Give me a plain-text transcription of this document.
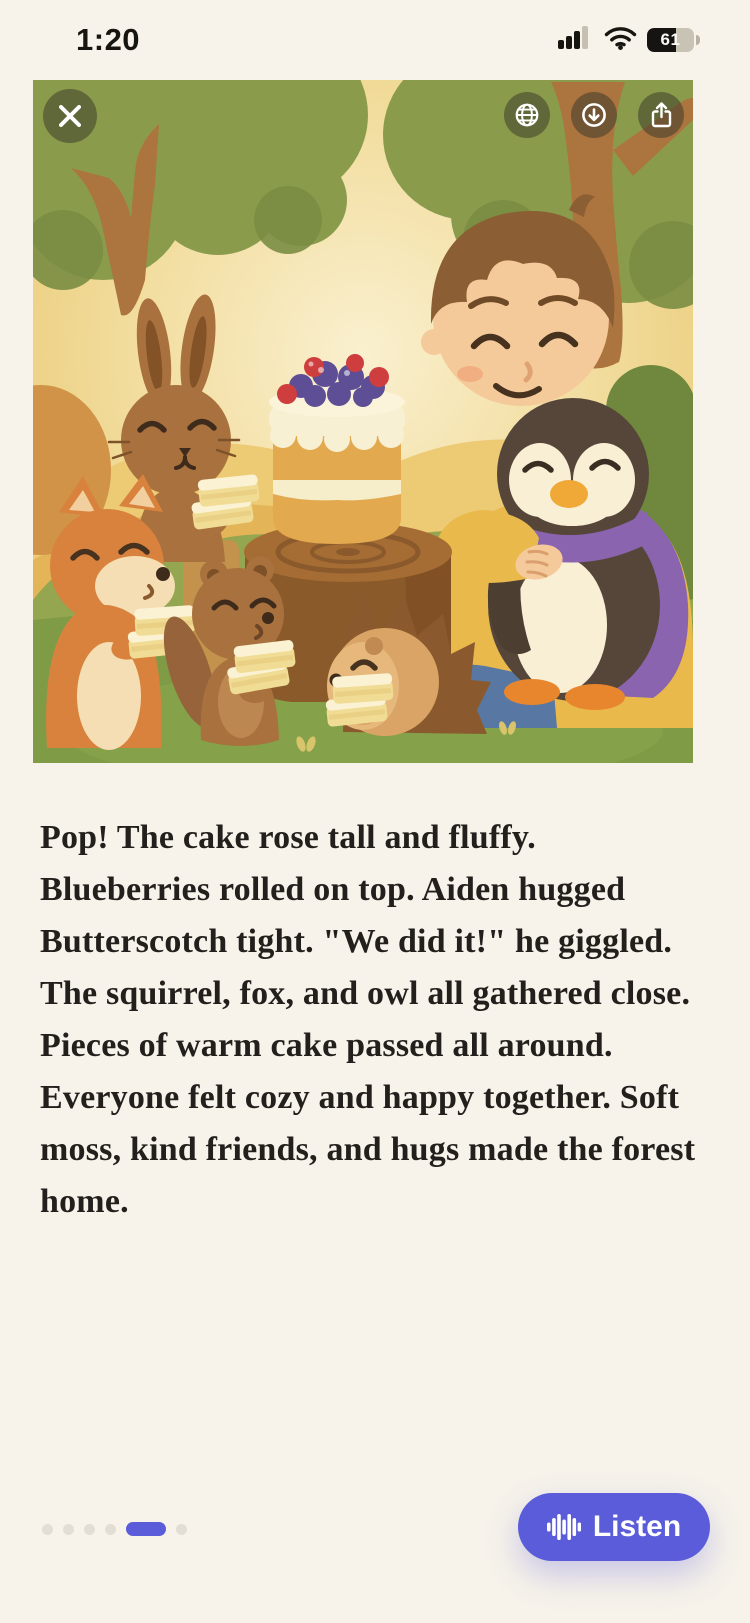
1:20	61

Pop! The cake rose tall and fluffy. Blueberries rolled on top. Aiden hugged Butterscotch tight. "We did it!" he giggled. The squirrel, fox, and owl all gathered close. Pieces of warm cake passed all around. Everyone felt cozy and happy together. Soft moss, kind friends, and hugs made the forest home.

Listen
